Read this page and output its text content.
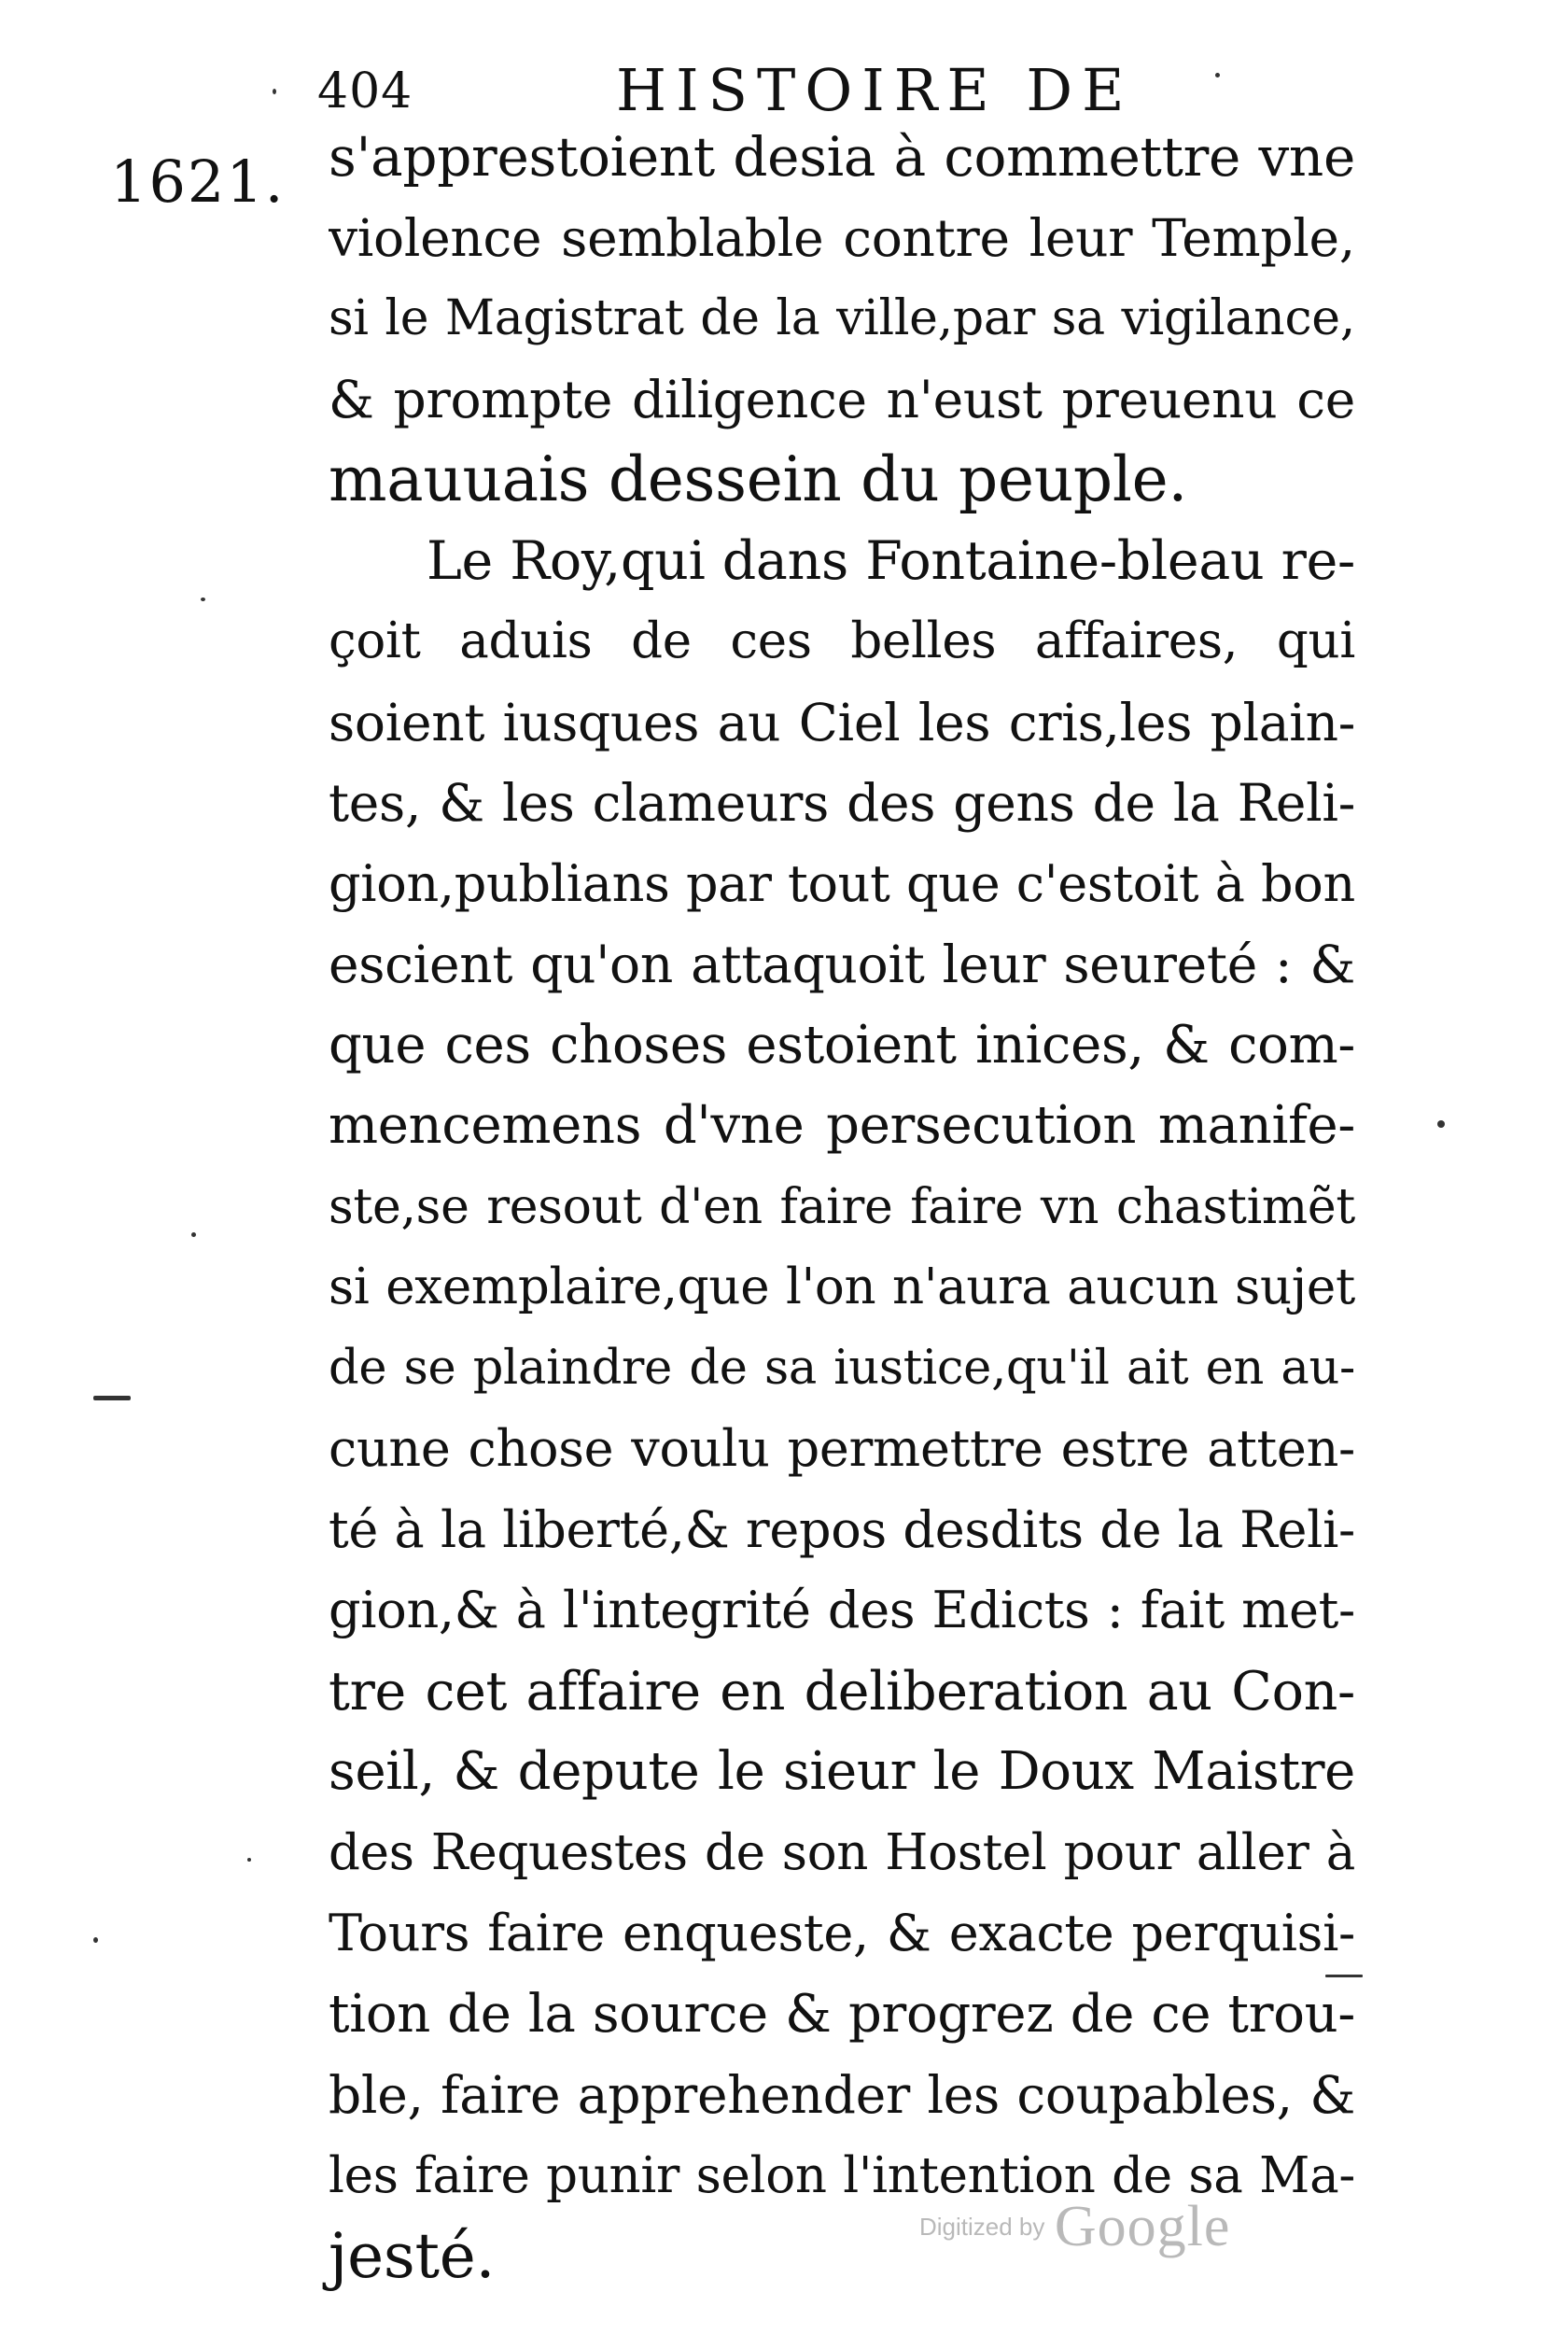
404	HISTOIRE DE
1621. s'apprestoient desia à commettre vne
violence semblable contre leur Temple,
si le Magistrat de la ville,par sa vigilance,
& prompte diligence n'eust preuenu ce
mauuais dessein du peuple.
Le Roy,qui dans Fontaine-bleau re-
çoit aduis de ces belles affaires, qui
soient iusques au Ciel les cris,les plain-
tes, & les clameurs des gens de la Reli-
gion,publians par tout que c'estoit à bon
escient qu'on attaquoit leur seureté : &
que ces choses estoient inices, & com-
mencemens d'vne persecution manife-
ste,se resout d'en faire faire vn chastimẽt
si exemplaire,que l'on n'aura aucun sujet
de se plaindre de sa iustice,qu'il ait en au-
cune chose voulu permettre estre atten-
té à la liberté,& repos desdits de la Reli-
gion,& à l'integrité des Edicts : fait met-
tre cet affaire en deliberation au Con-
seil, & depute le sieur le Doux Maistre
des Requestes de son Hostel pour aller à
Tours faire enqueste, & exacte perquisi-
tion de la source & progrez de ce trou-
ble, faire apprehender les coupables, &
les faire punir selon l'intention de sa Ma-
jesté.	Digitized by Google
